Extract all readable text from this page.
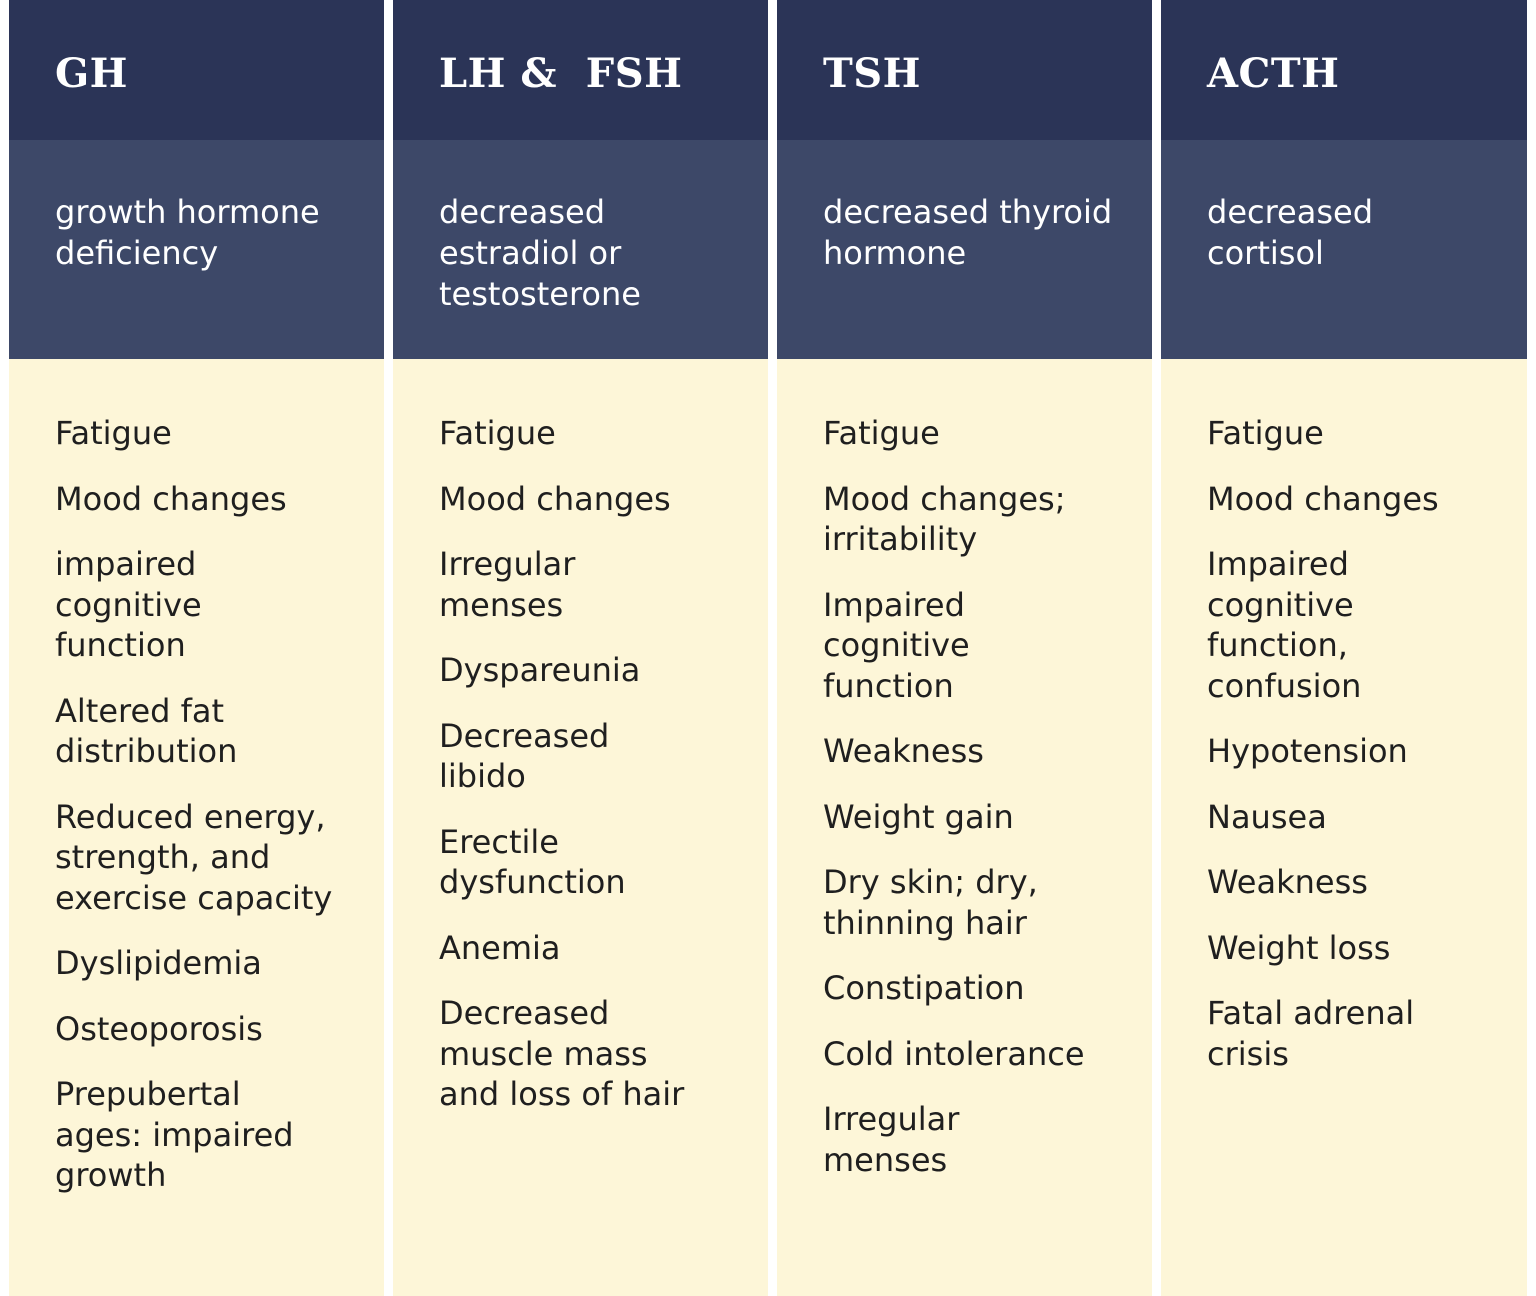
GH

growth hormone deficiency

Fatigue
Mood changes
impaired cognitive function
Altered fat distribution
Reduced energy, strength, and exercise capacity
Dyslipidemia
Osteoporosis
Prepubertal ages: impaired growth
LH &  FSH

decreased estradiol or testosterone

Fatigue
Mood changes
Irregular menses
Dyspareunia
Decreased libido
Erectile dysfunction
Anemia
Decreased muscle mass and loss of hair
TSH

decreased thyroid hormone

Fatigue
Mood changes; irritability
Impaired cognitive function
Weakness
Weight gain
Dry skin; dry, thinning hair
Constipation
Cold intolerance
Irregular menses
ACTH

decreased cortisol

Fatigue
Mood changes
Impaired cognitive function, confusion
Hypotension
Nausea
Weakness
Weight loss
Fatal adrenal crisis
